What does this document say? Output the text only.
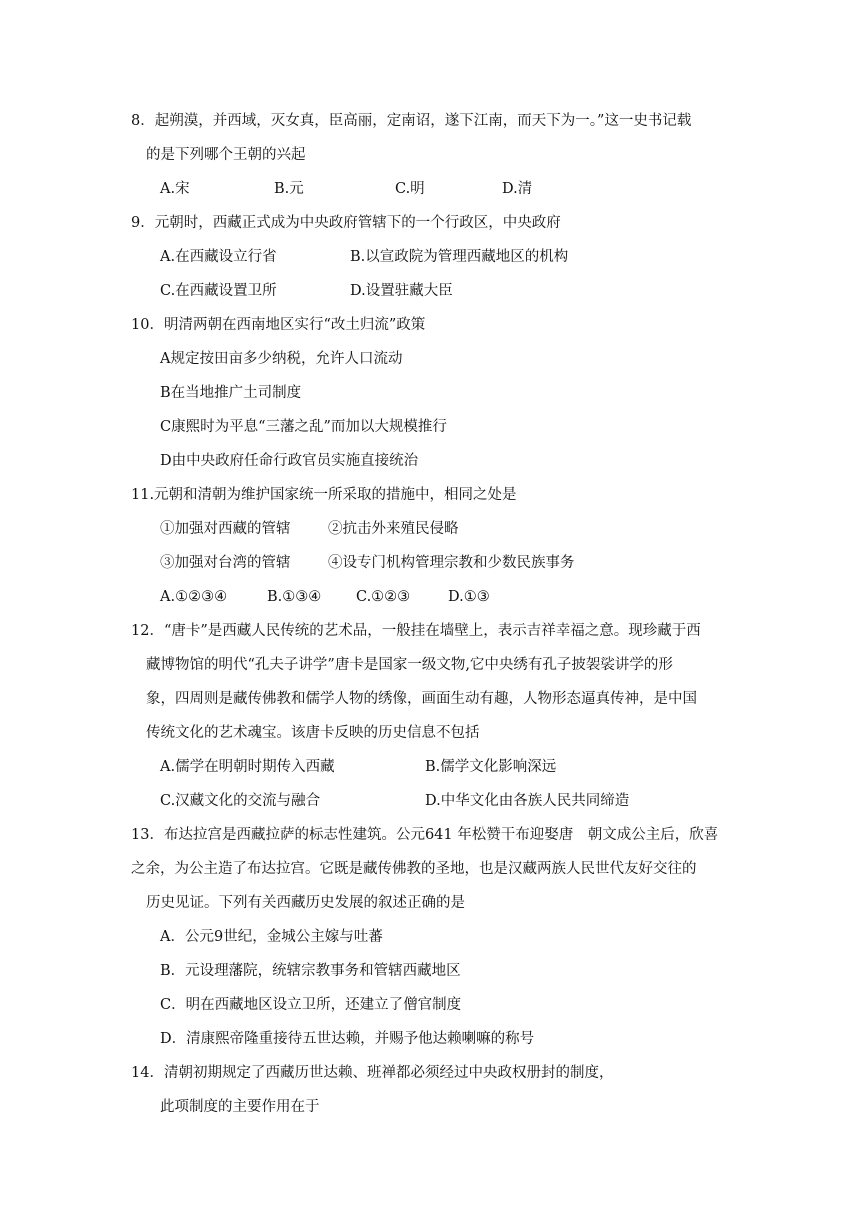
8．起朔漠，并西域，灭女真，臣高丽，定南诏，遂下江南，而天下为一。”这一史书记载
的是下列哪个王朝的兴起
A.宋	B.元	C.明	D.清
9．元朝时，西藏正式成为中央政府管辖下的一个行政区，中央政府
A.在西藏设立行省	B.以宣政院为管理西藏地区的机构
C.在西藏设置卫所	D.设置驻藏大臣
10．明清两朝在西南地区实行“改土归流”政策
A规定按田亩多少纳税，允许人口流动
B在当地推广土司制度
C康熙时为平息“三藩之乱”而加以大规模推行
D由中央政府任命行政官员实施直接统治
11.元朝和清朝为维护国家统一所采取的措施中，相同之处是
①加强对西藏的管辖	②抗击外来殖民侵略
③加强对台湾的管辖	④设专门机构管理宗教和少数民族事务
A.①②③④	B.①③④ C.①②③	D.①③
12．“唐卡”是西藏人民传统的艺术品，一般挂在墙壁上，表示吉祥幸福之意。现珍藏于西
藏博物馆的明代“孔夫子讲学”唐卡是国家一级文物,它中央绣有孔子披袈裟讲学的形
象，四周则是藏传佛教和儒学人物的绣像，画面生动有趣，人物形态逼真传神，是中国
传统文化的艺术魂宝。该唐卡反映的历史信息不包括
A.儒学在明朝时期传入西藏	B.儒学文化影响深远
C.汉藏文化的交流与融合	D.中华文化由各族人民共同缔造
13．布达拉宫是西藏拉萨的标志性建筑。公元641 年松赞干布迎娶唐　朝文成公主后，欣喜
之余，为公主造了布达拉宫。它既是藏传佛教的圣地，也是汉藏两族人民世代友好交往的
历史见证。下列有关西藏历史发展的叙述正确的是
A．公元9世纪，金城公主嫁与吐蕃
B．元设理藩院，统辖宗教事务和管辖西藏地区
C．明在西藏地区设立卫所，还建立了僧官制度
D．清康熙帝隆重接待五世达赖，并赐予他达赖喇嘛的称号
14．清朝初期规定了西藏历世达赖、班禅都必须经过中央政权册封的制度，
此项制度的主要作用在于
